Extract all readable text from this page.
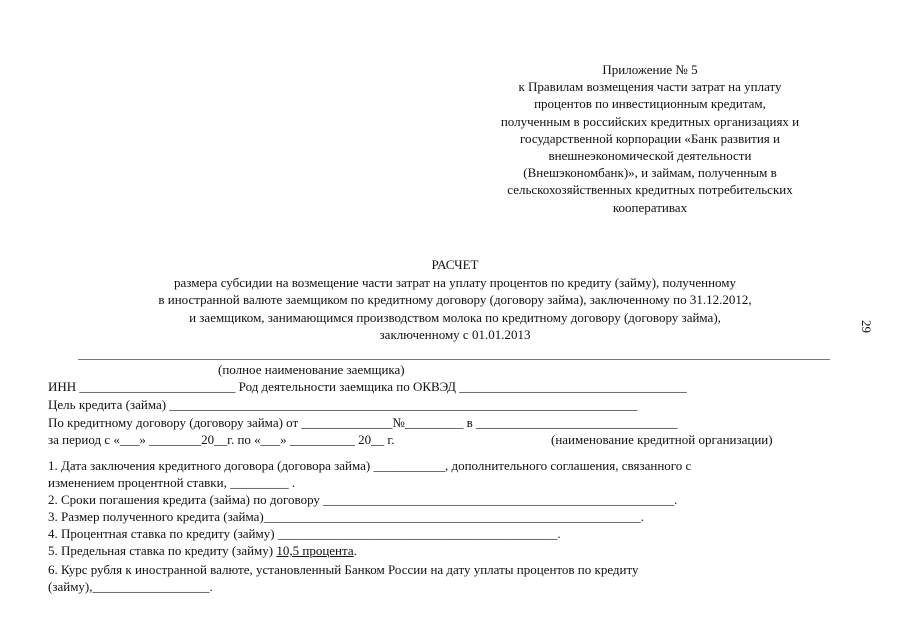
Приложение № 5
к Правилам возмещения части затрат на уплату
процентов по инвестиционным кредитам,
полученным в российских кредитных организациях и
государственной корпорации «Банк развития и
внешнеэкономической деятельности
(Внешэкономбанк)», и займам, полученным в
сельскохозяйственных кредитных потребительских
кооперативах
РАСЧЕТ
размера субсидии на возмещение части затрат на уплату процентов по кредиту (займу), полученному
в иностранной валюте заемщиком по кредитному договору (договору займа), заключенному по 31.12.2012,
и заемщиком, занимающимся производством молока по кредитному договору (договору займа),
заключенному с 01.01.2013
29
(полное наименование заемщика)
ИНН ________________________ Род деятельности заемщика по ОКВЭД ___________________________________
Цель кредита (займа) ________________________________________________________________________
По кредитному договору (договору займа) от ______________№_________ в _______________________________
за период с «___» ________20__г. по «___» __________ 20__ г.	(наименование кредитной организации)
1. Дата заключения кредитного договора (договора займа) ___________, дополнительного соглашения, связанного с
изменением процентной ставки, _________ .
2. Сроки погашения кредита (займа) по договору ______________________________________________________.
3. Размер полученного кредита (займа)__________________________________________________________.
4. Процентная ставка по кредиту (займу) ___________________________________________.
5. Предельная ставка по кредиту (займу) 10,5 процента.
6. Курс рубля к иностранной валюте, установленный Банком России на дату уплаты процентов по кредиту
(займу),__________________.
